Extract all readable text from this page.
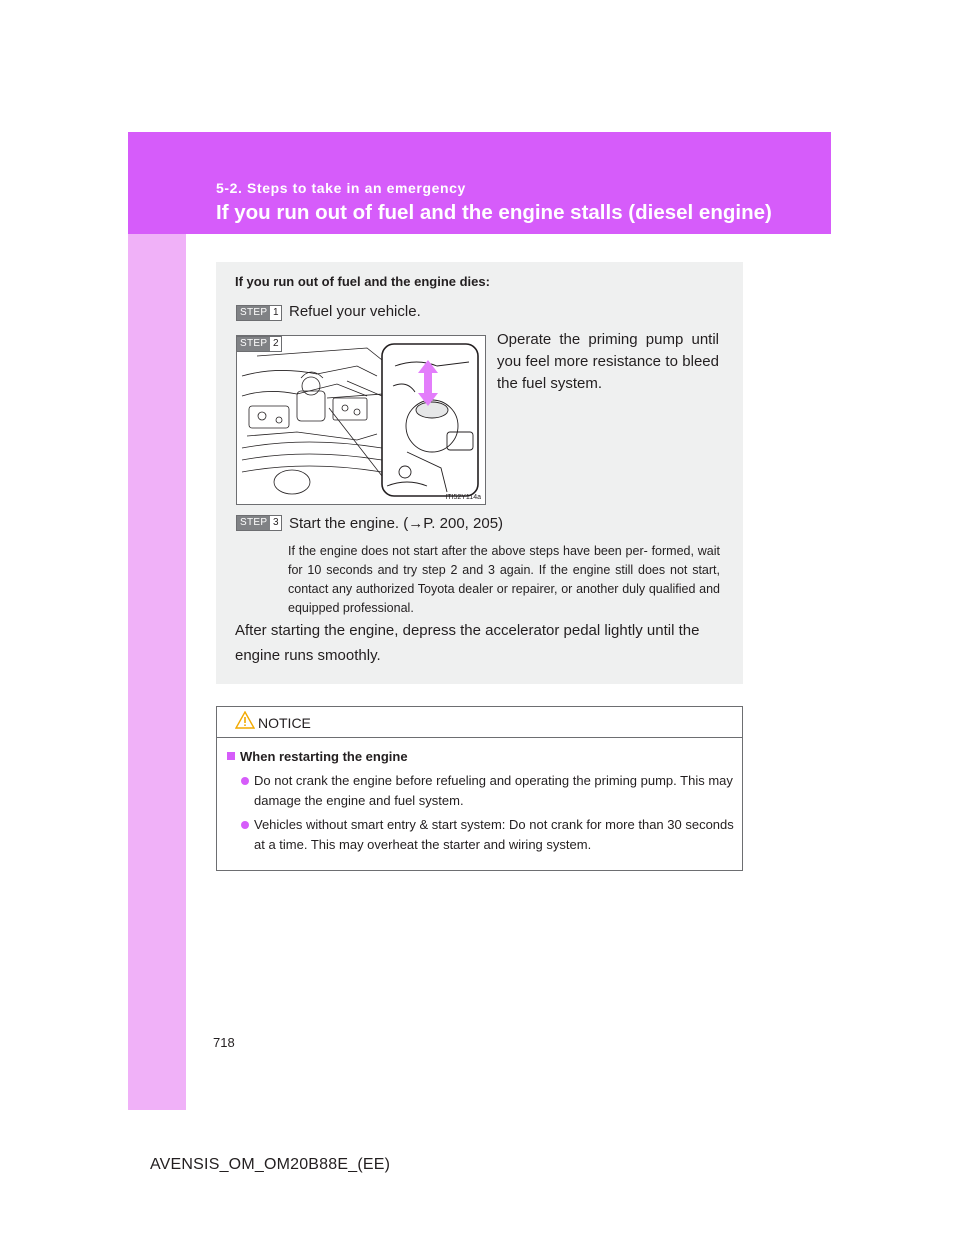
5-2. Steps to take in an emergency
If you run out of fuel and the engine stalls (diesel engine)
If you run out of fuel and the engine dies:
STEP 1 Refuel your vehicle.
ITI52Y114a
STEP 2	Operate the priming pump until you feel more resistance to bleed the fuel system.
STEP 3 Start the engine. (→P. 200, 205)
If the engine does not start after the above steps have been per- formed, wait for 10 seconds and try step 2 and 3 again. If the engine still does not start, contact any authorized Toyota dealer or repairer, or another duly qualified and equipped professional.
After starting the engine, depress the accelerator pedal lightly until the engine runs smoothly.
NOTICE
When restarting the engine
Do not crank the engine before refueling and operating the priming pump. This may damage the engine and fuel system.
Vehicles without smart entry & start system: Do not crank for more than 30 seconds at a time. This may overheat the starter and wiring system.
718
AVENSIS_OM_OM20B88E_(EE)
